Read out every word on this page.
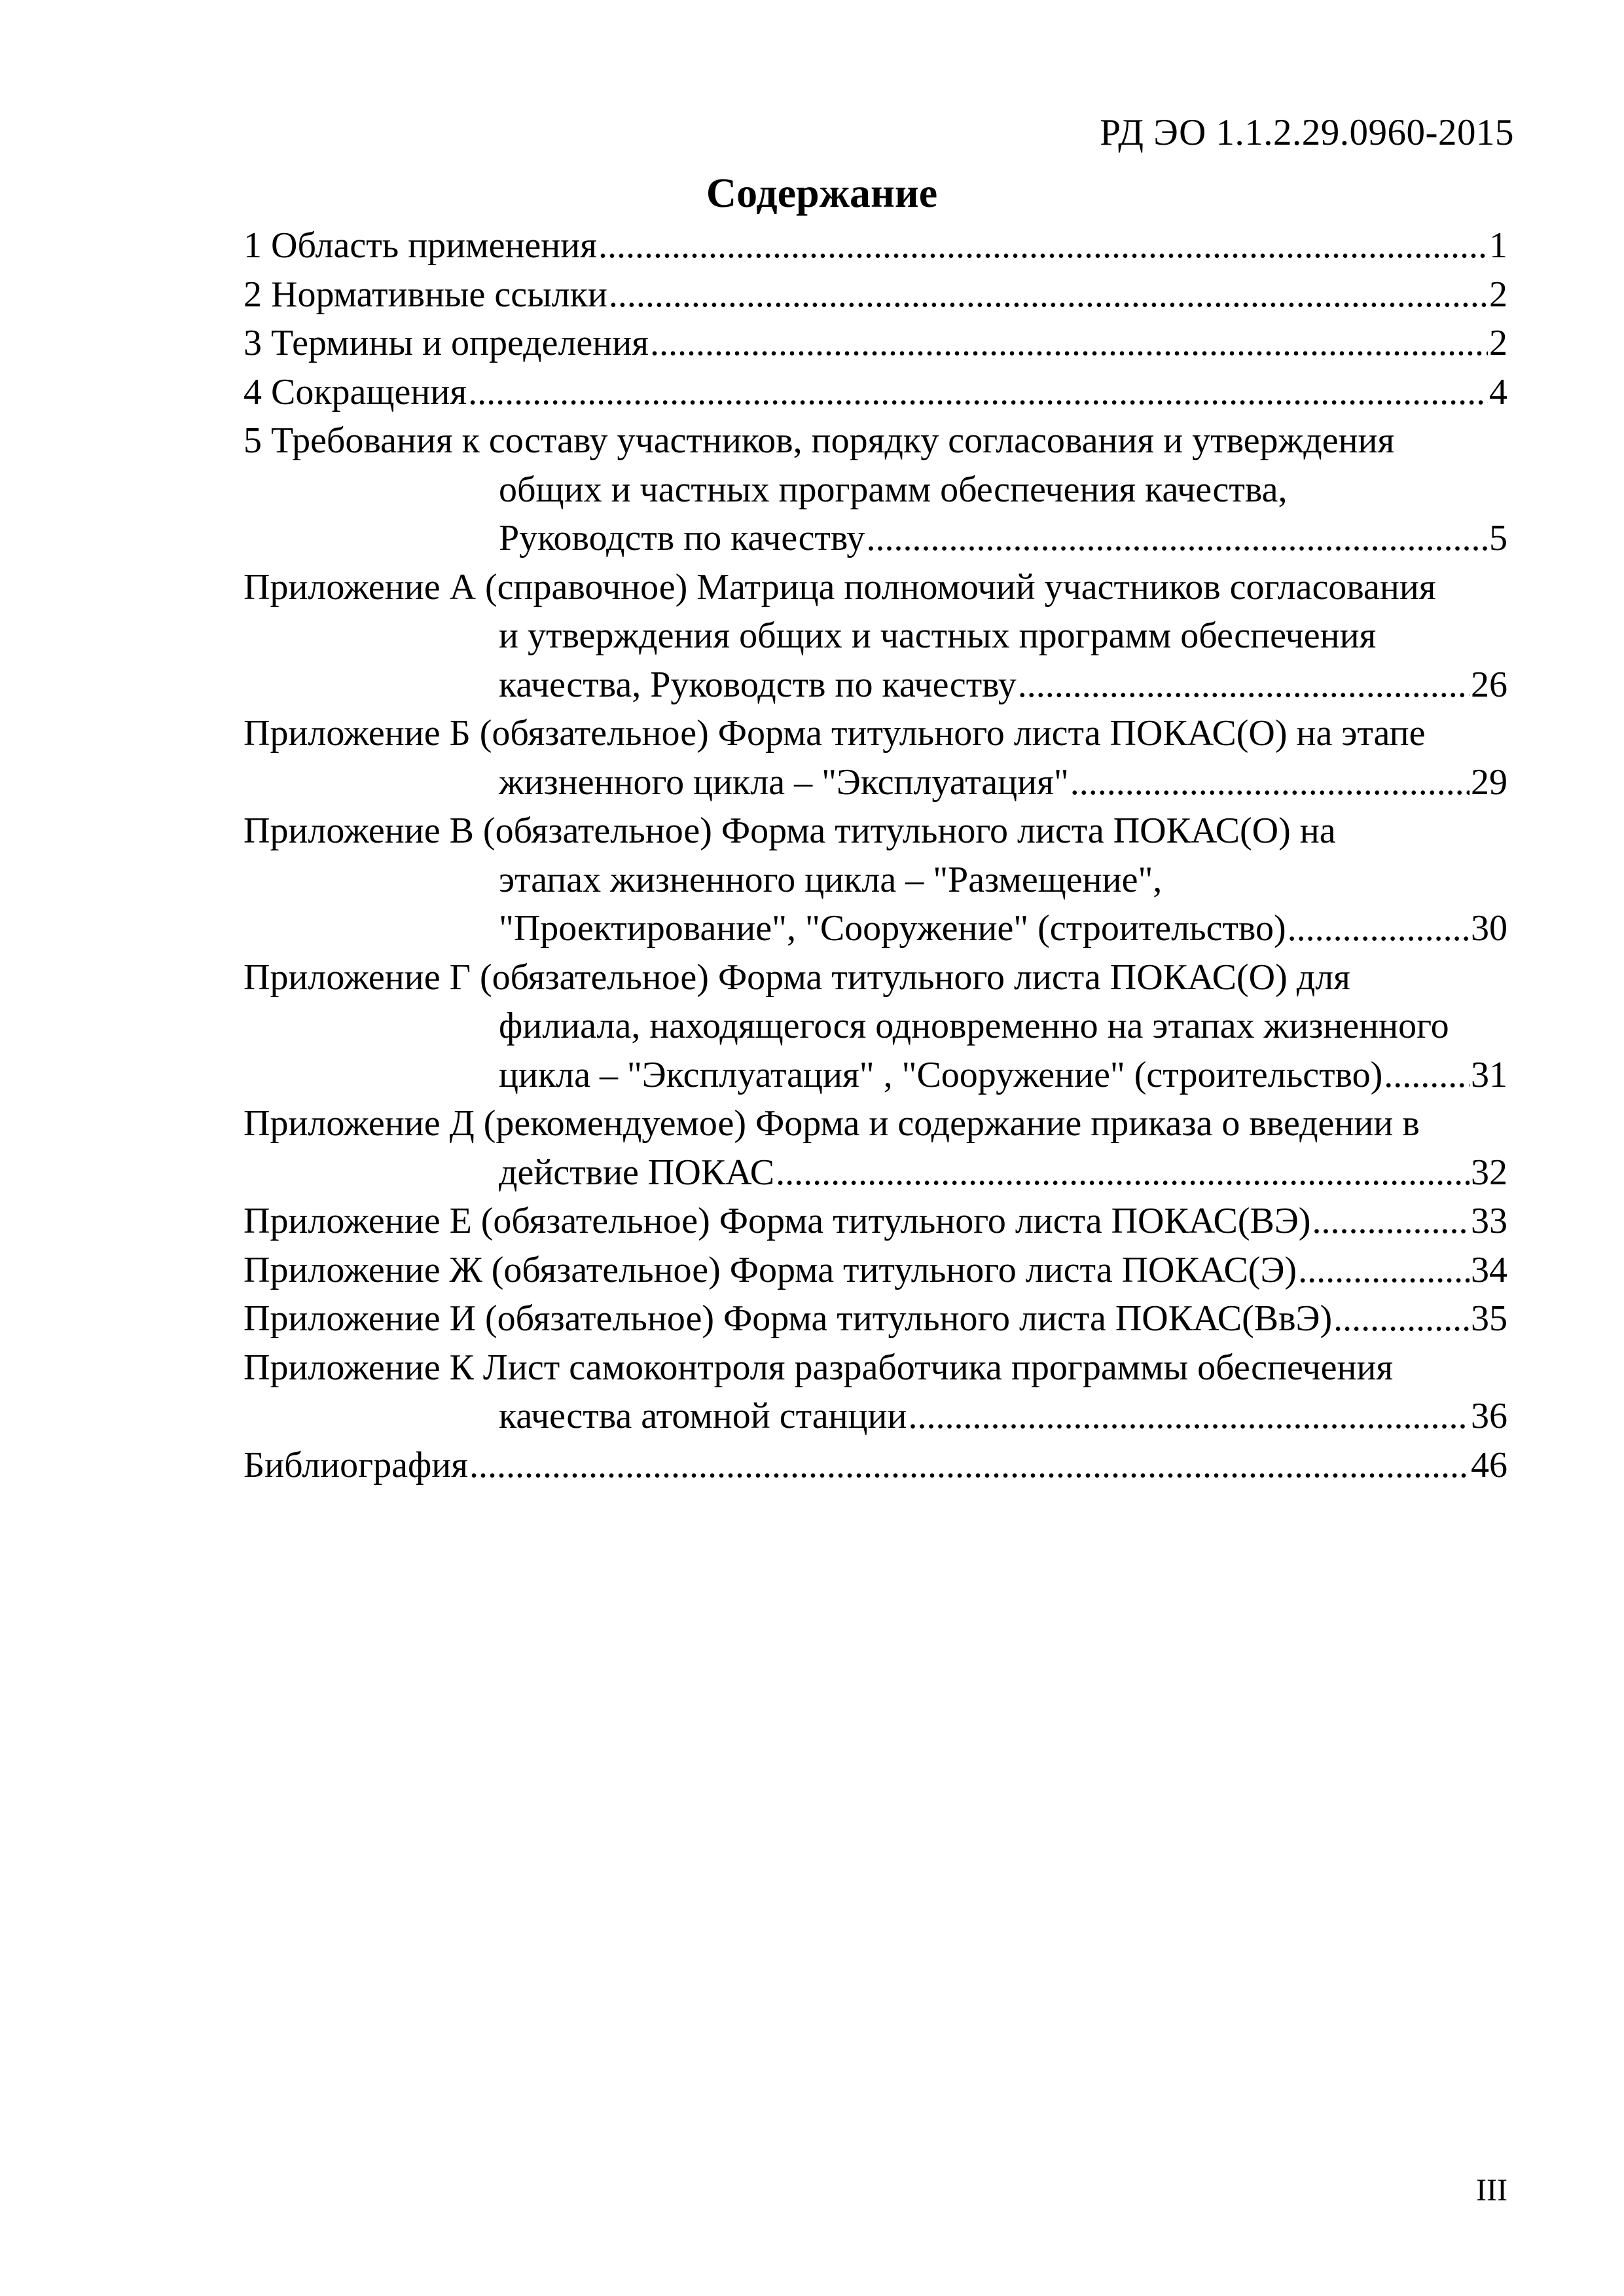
РД ЭО 1.1.2.29.0960-2015
Содержание
1 Область применения .....	1
2 Нормативные ссылки .....	2
3 Термины и определения .....	2
4 Сокращения .....	4
5 Требования к составу участников, порядку согласования и утверждения
общих и частных программ обеспечения качества,
Руководств по качеству .....	5
Приложение А (справочное) Матрица полномочий участников согласования
и утверждения общих и частных программ обеспечения
качества, Руководств по качеству .....	26
Приложение Б (обязательное) Форма титульного листа ПОКАС(О) на этапе
жизненного цикла – "Эксплуатация" .....	29
Приложение В (обязательное) Форма титульного листа ПОКАС(О) на
этапах жизненного цикла – "Размещение",
"Проектирование", "Сооружение" (строительство) .....	30
Приложение Г (обязательное) Форма титульного листа ПОКАС(О) для
филиала, находящегося одновременно на этапах жизненного
цикла – "Эксплуатация" , "Сооружение" (строительство) ..... 31
Приложение Д (рекомендуемое) Форма и содержание приказа о введении в
действие ПОКАС .....	32
Приложение Е (обязательное) Форма титульного листа ПОКАС(ВЭ) .....	33
Приложение Ж (обязательное) Форма титульного листа ПОКАС(Э) .....	34
Приложение И (обязательное) Форма титульного листа ПОКАС(ВвЭ) .....	35
Приложение К Лист самоконтроля разработчика программы обеспечения
качества атомной станции .....	36
Библиография .....	46
III
